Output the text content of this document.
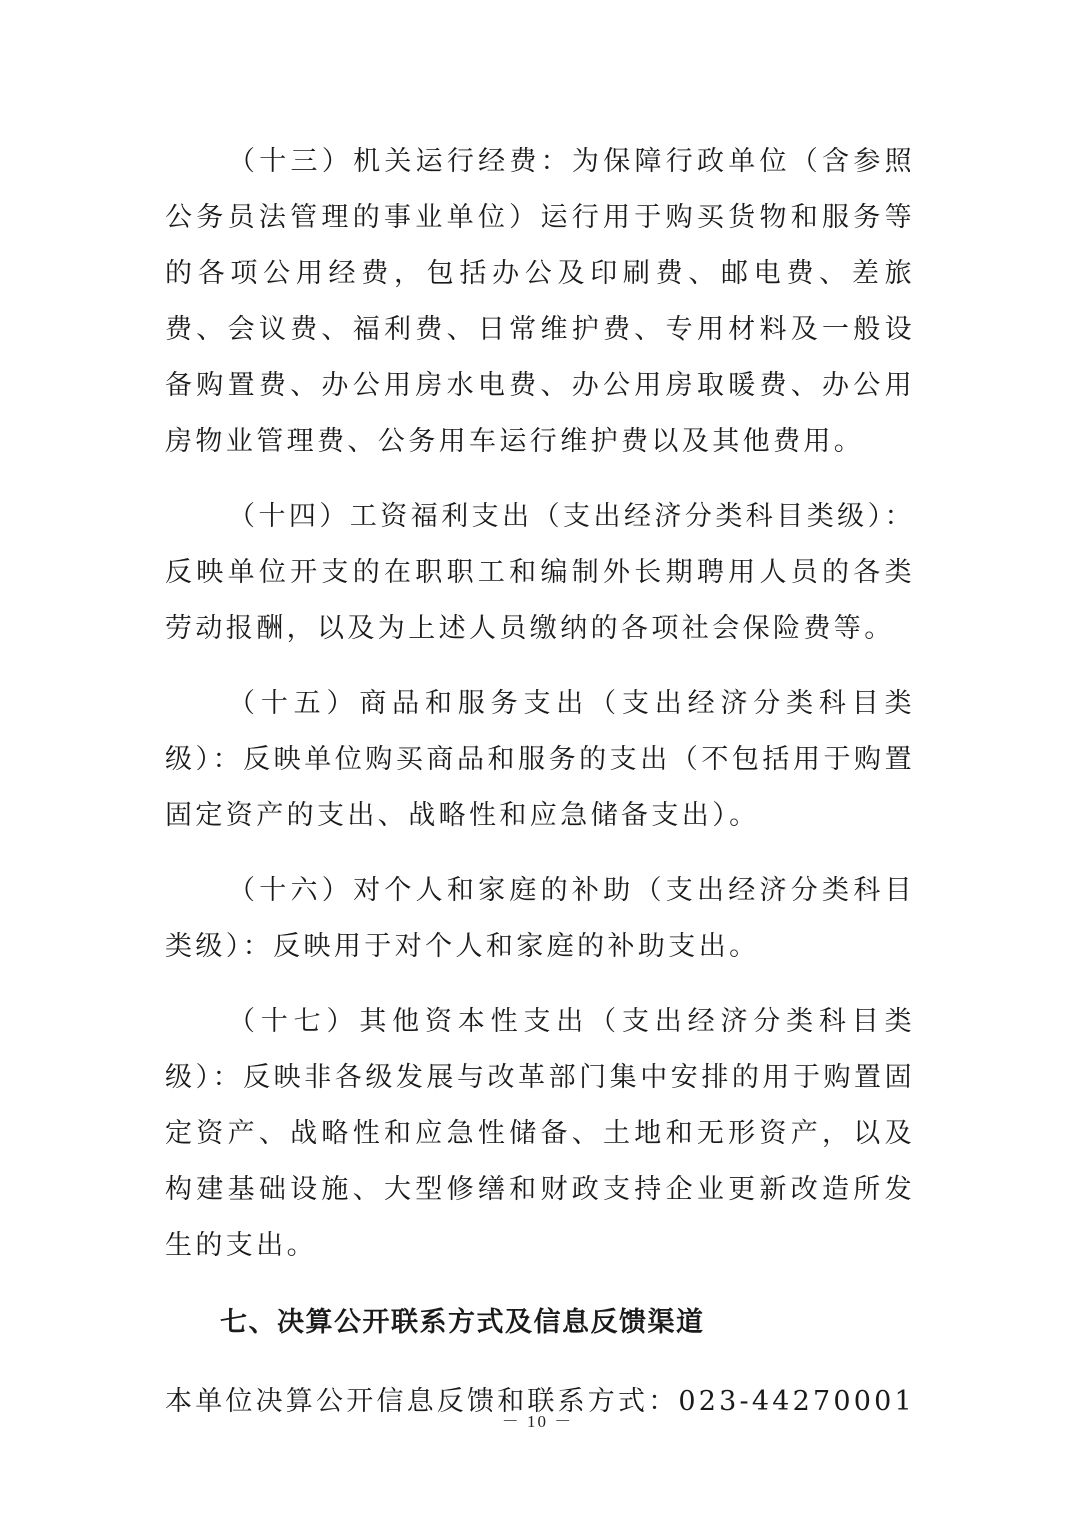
（十三）机关运行经费：为保障行政单位（含参照公务员法管理的事业单位）运行用于购买货物和服务等的各项公用经费，包括办公及印刷费、邮电费、差旅费、会议费、福利费、日常维护费、专用材料及一般设备购置费、办公用房水电费、办公用房取暖费、办公用房物业管理费、公务用车运行维护费以及其他费用。

（十四）工资福利支出（支出经济分类科目类级）：反映单位开支的在职职工和编制外长期聘用人员的各类劳动报酬，以及为上述人员缴纳的各项社会保险费等。

（十五）商品和服务支出（支出经济分类科目类级）：反映单位购买商品和服务的支出（不包括用于购置固定资产的支出、战略性和应急储备支出）。

（十六）对个人和家庭的补助（支出经济分类科目类级）：反映用于对个人和家庭的补助支出。

（十七）其他资本性支出（支出经济分类科目类级）：反映非各级发展与改革部门集中安排的用于购置固定资产、战略性和应急性储备、土地和无形资产，以及构建基础设施、大型修缮和财政支持企业更新改造所发生的支出。

七、决算公开联系方式及信息反馈渠道

本单位决算公开信息反馈和联系方式：023-44270001

－ 10 －
